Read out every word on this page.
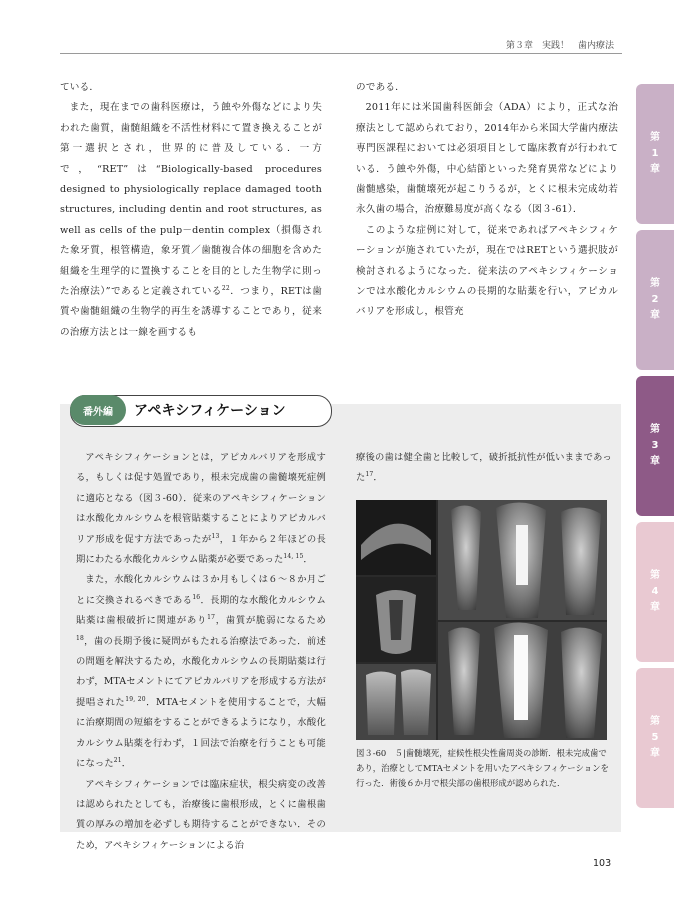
第３章　実践！　歯内療法

ている．

また，現在までの歯科医療は，う蝕や外傷などにより失われた歯質，歯髄組織を不活性材料にて置き換えることが第一選択とされ，世界的に普及している．一方で，“RET”は“Biologically-based procedures designed to physiologically replace damaged tooth structures, including dentin and root structures, as well as cells of the pulp－dentin complex（損傷された象牙質，根管構造，象牙質／歯髄複合体の細胞を含めた組織を生理学的に置換することを目的とした生物学に則った治療法）”であると定義されている$^{22}$．つまり，RETは歯質や歯髄組織の生物学的再生を誘導することであり，従来の治療方法とは一線を画するも

のである．

2011年には米国歯科医師会（ADA）により，正式な治療法として認められており，2014年から米国大学歯内療法専門医課程においては必須項目として臨床教育が行われている．う蝕や外傷，中心結節といった発育異常などにより歯髄感染，歯髄壊死が起こりうるが，とくに根未完成幼若永久歯の場合，治療難易度が高くなる（図３-61）．

このような症例に対して，従来であればアペキシフィケーションが施されていたが，現在ではRETという選択肢が検討されるようになった．従来法のアペキシフィケーションでは水酸化カルシウムの長期的な貼薬を行い，アピカルバリアを形成し，根管充

番外編	アペキシフィケーション

アペキシフィケーションとは，アピカルバリアを形成する，もしくは促す処置であり，根未完成歯の歯髄壊死症例に適応となる（図３-60）．従来のアペキシフィケーションは水酸化カルシウムを根管貼薬することによりアピカルバリア形成を促す方法であったが$^{13}$，１年から２年ほどの長期にわたる水酸化カルシウム貼薬が必要であった$^{14, 15}$．

また，水酸化カルシウムは３か月もしくは６～８か月ごとに交換されるべきである$^{16}$．長期的な水酸化カルシウム貼薬は歯根破折に関連があり$^{17}$，歯質が脆弱になるため$^{18}$，歯の長期予後に疑問がもたれる治療法であった．前述の問題を解決するため，水酸化カルシウムの長期貼薬は行わず，MTAセメントにてアピカルバリアを形成する方法が提唱された$^{19, 20}$．MTAセメントを使用することで，大幅に治療期間の短縮をすることができるようになり，水酸化カルシウム貼薬を行わず，１回法で治療を行うことも可能になった$^{21}$．

アペキシフィケーションでは臨床症状，根尖病変の改善は認められたとしても，治療後に歯根形成，とくに歯根歯質の厚みの増加を必ずしも期待することができない．そのため，アペキシフィケーションによる治

療後の歯は健全歯と比較して，破折抵抗性が低いままであった$^{17}$．

図３-60　５|歯髄壊死，症候性根尖性歯周炎の診断．根未完成歯であり，治療としてMTAセメントを用いたアペキシフィケーションを行った．術後６か月で根尖部の歯根形成が認められた．
第
1
章
第
2
章
第
3
章
第
4
章
第
5
章
103
